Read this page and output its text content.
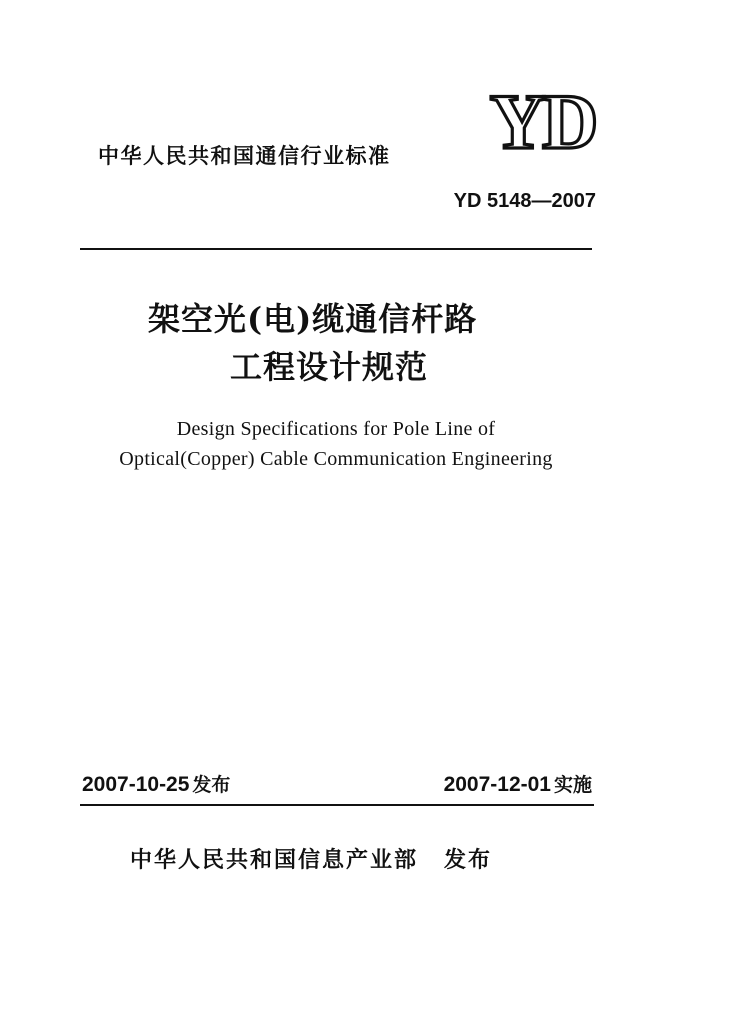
中华人民共和国通信行业标准 YD
YD 5148—2007
架空光(电)缆通信杆路
工程设计规范
Design Specifications for Pole Line of
Optical(Copper) Cable Communication Engineering
2007-10-25 发布	2007-12-01 实施
中华人民共和国信息产业部 发布
